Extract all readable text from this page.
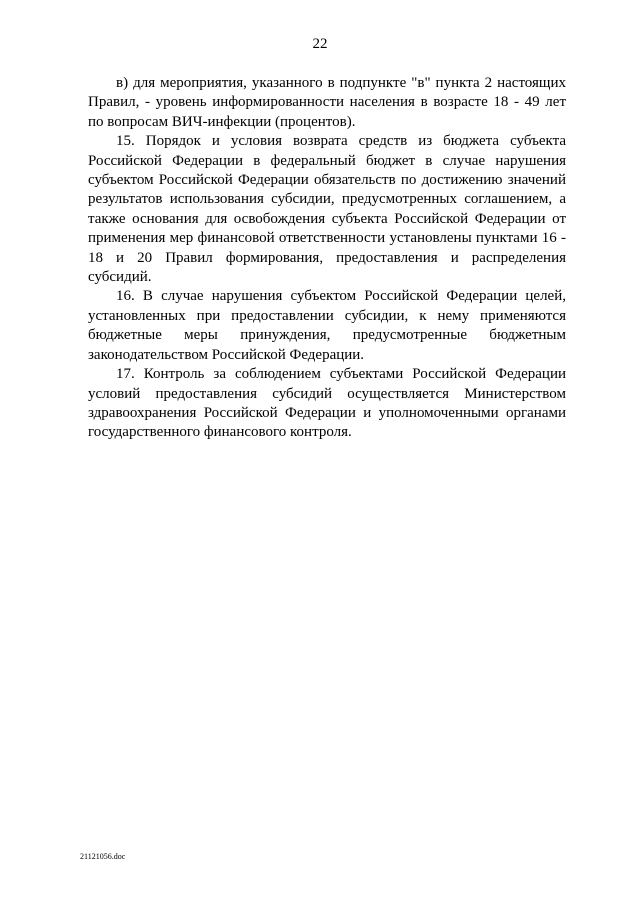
22

в) для мероприятия, указанного в подпункте "в" пункта 2 настоящих Правил, - уровень информированности населения в возрасте 18 - 49 лет по вопросам ВИЧ-инфекции (процентов).

15. Порядок и условия возврата средств из бюджета субъекта Российской Федерации в федеральный бюджет в случае нарушения субъектом Российской Федерации обязательств по достижению значений результатов использования субсидии, предусмотренных соглашением, а также основания для освобождения субъекта Российской Федерации от применения мер финансовой ответственности установлены пунктами 16 - 18 и 20 Правил формирования, предоставления и распределения субсидий.

16. В случае нарушения субъектом Российской Федерации целей, установленных при предоставлении субсидии, к нему применяются бюджетные меры принуждения, предусмотренные бюджетным законодательством Российской Федерации.

17. Контроль за соблюдением субъектами Российской Федерации условий предоставления субсидий осуществляется Министерством здравоохранения Российской Федерации и уполномоченными органами государственного финансового контроля.

21121056.doc
